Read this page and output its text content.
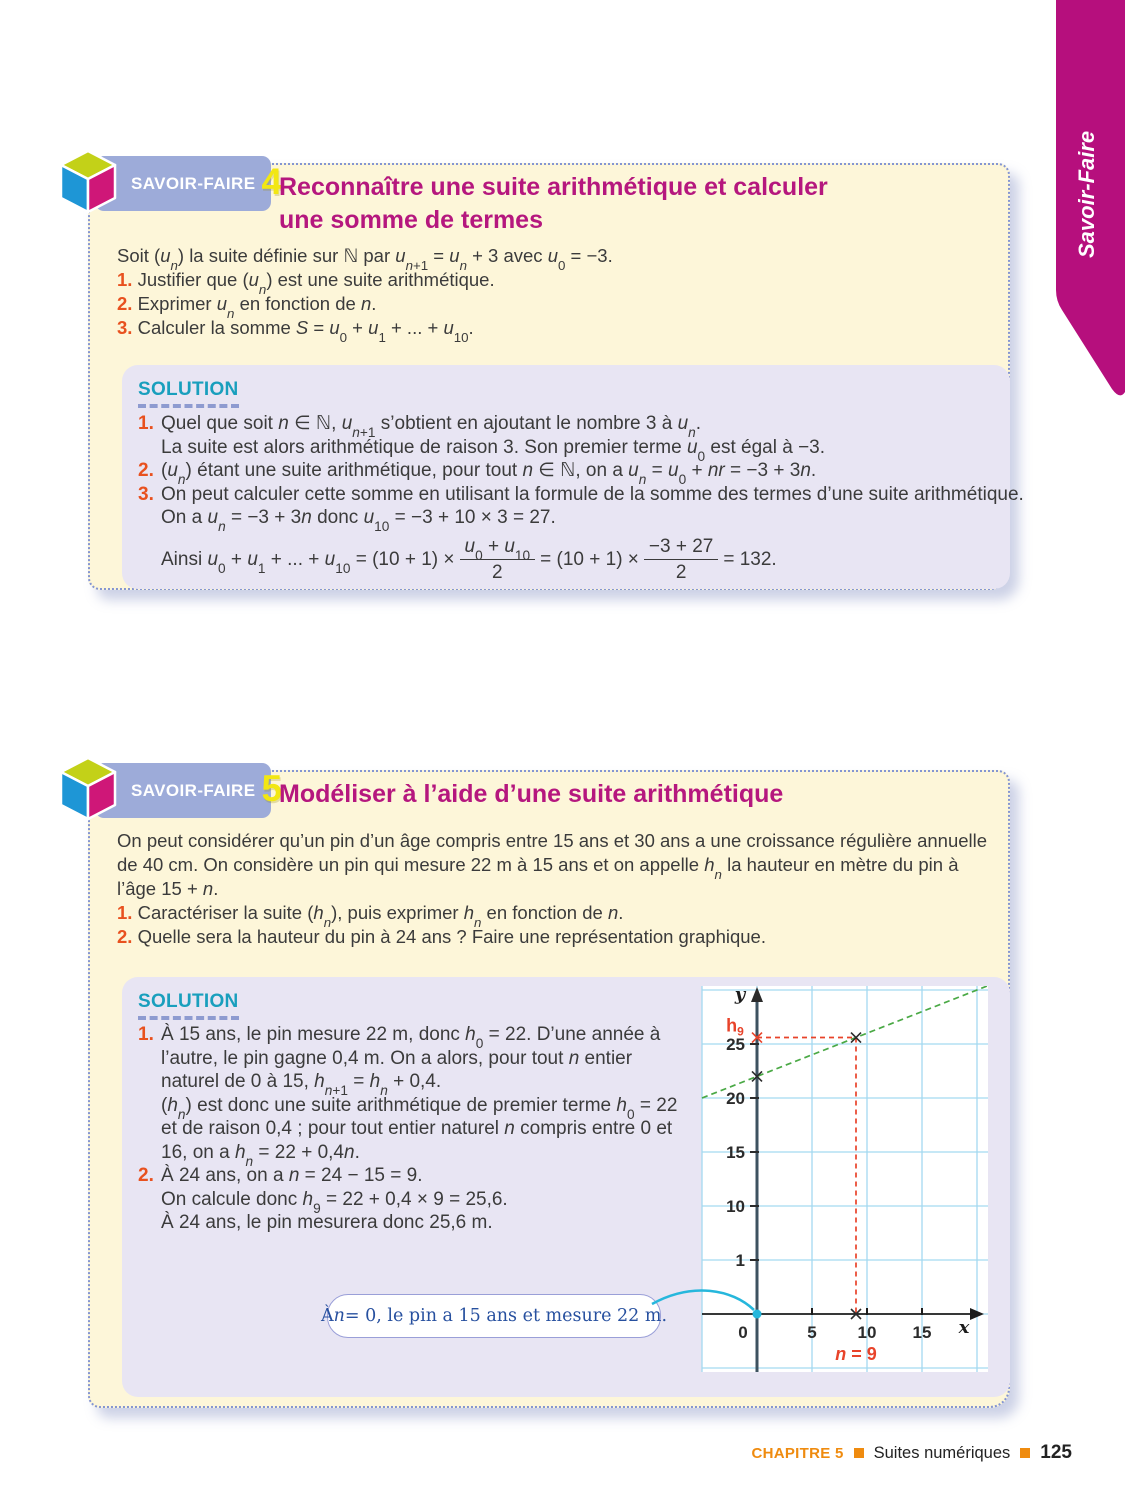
Savoir-Faire
SAVOIR-FAIRE 4
Reconnaître une suite arithmétique et calculer
une somme de termes

Soit $(u_n)$ la suite définie sur ℕ par $u_{n+1} = u_n + 3$ avec $u_0 = -3$.

1. Justifier que $(u_n)$ est une suite arithmétique.

2. Exprimer $u_n$ en fonction de n.

3. Calculer la somme $S = u_0 + u_1$ + ... + $u_{10}$.

SOLUTION
1. Quel que soit n ∈ ℕ, $u_{n+1}$ s’obtient en ajoutant le nombre 3 à $u_n$.
La suite est alors arithmétique de raison 3. Son premier terme $u_0$ est égal à −3.
2. $(u_n)$ étant une suite arithmétique, pour tout n ∈ ℕ, on a $u_n = u_0$ + nr = −3 + 3n.
3. On peut calculer cette somme en utilisant la formule de la somme des termes d’une suite arithmétique.
On a $u_n = -3 + 3n$ donc $u_{10} = -3 + 10 \times 3 = 27$.
Ainsi $u_0 + u_1$ + ... + $u_{10} = (10 + 1) \times \frac{u_0 + u_{10}}{2} = (10 + 1) \times \frac{-3 + 27}{2} = 132$.
SAVOIR-FAIRE 5
Modéliser à l’aide d’une suite arithmétique

On peut considérer qu’un pin d’un âge compris entre 15 ans et 30 ans a une croissance régulière annuelle de 40 cm. On considère un pin qui mesure 22 m à 15 ans et on appelle $h_n$ la hauteur en mètre du pin à l’âge 15 + n.

1. Caractériser la suite $(h_n)$, puis exprimer $h_n$ en fonction de n.

2. Quelle sera la hauteur du pin à 24 ans ? Faire une représentation graphique.

SOLUTION
1. À 15 ans, le pin mesure 22 m, donc $h_0 = 22$. D’une année à l’autre, le pin gagne 0,4 m. On a alors, pour tout n entier naturel de 0 à 15, $h_{n+1} = h_n + 0,4$.

$(h_n)$ est donc une suite arithmétique de premier terme $h_0 = 22$ et de raison 0,4 ; pour tout entier naturel n compris entre 0 et 16, on a $h_n = 22 + 0,4n$.

2. À 24 ans, on a n = 24 − 15 = 9.
On calcule donc $h_9 = 22 + 0,4 \times 9 = 25,6$.
À 24 ans, le pin mesurera donc 25,6 m.
À n = 0, le pin a 15 ans et mesure 22 m.
0	5 10 15
1
10
15
20
25
y
x
$h_9$
n = 9
CHAPITRE 5 Suites numériques 125
